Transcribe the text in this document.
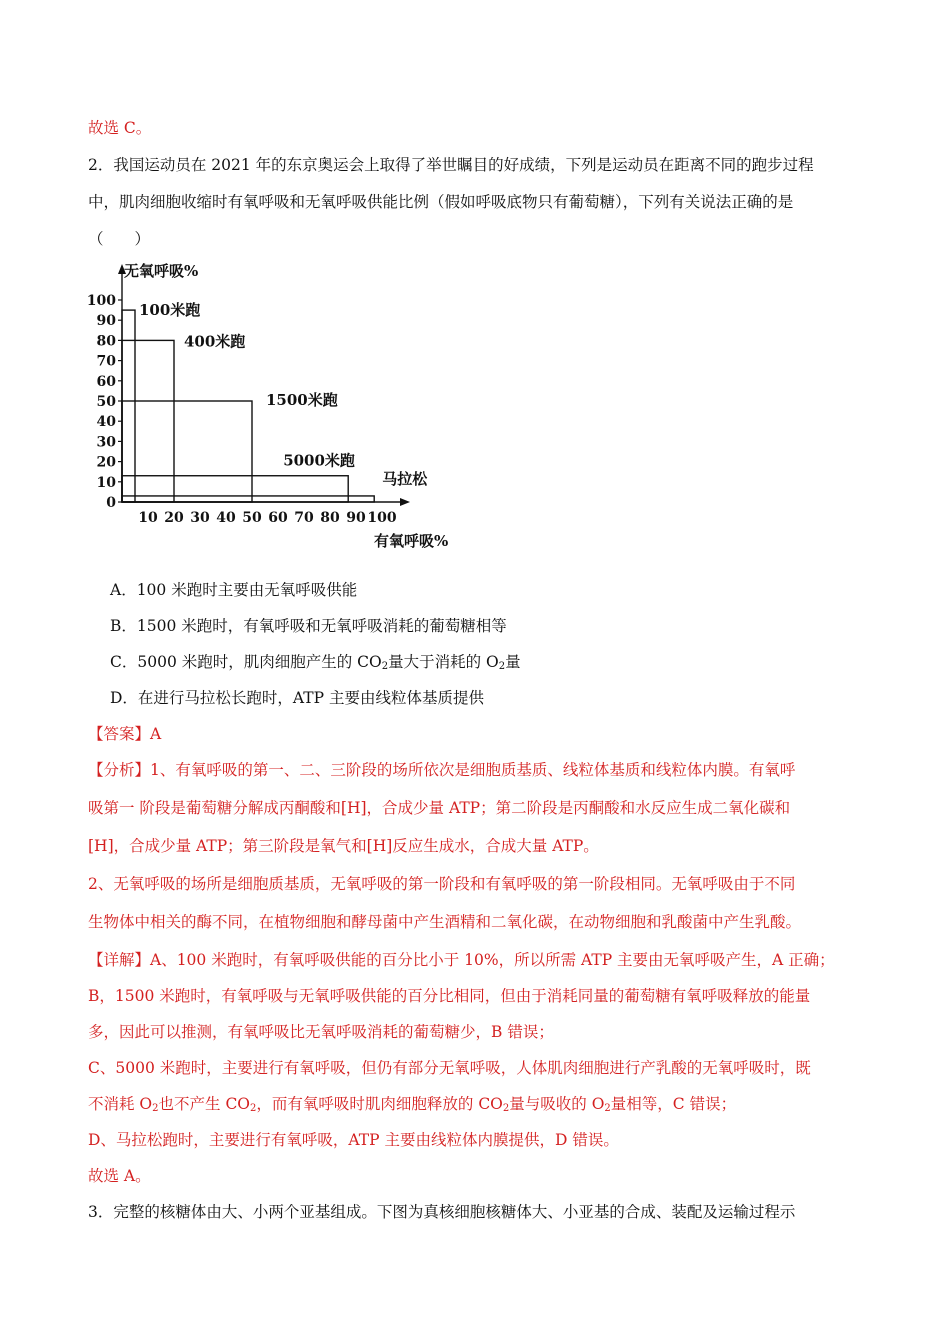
故选 C。
2．我国运动员在 2021 年的东京奥运会上取得了举世瞩目的好成绩，下列是运动员在距离不同的跑步过程
中，肌肉细胞收缩时有氧呼吸和无氧呼吸供能比例（假如呼吸底物只有葡萄糖），下列有关说法正确的是
（　　）
无氧呼吸%
有氧呼吸%
100
90
80
70
60
50
40
30
20
10
0
10 20 30 40 50 60 70 80 90 100
100米跑
400米跑
1500米跑
5000米跑
马拉松
A．100 米跑时主要由无氧呼吸供能
B．1500 米跑时，有氧呼吸和无氧呼吸消耗的葡萄糖相等
C．5000 米跑时，肌肉细胞产生的 $CO_2$量大于消耗的 $O_2$量
D．在进行马拉松长跑时，ATP 主要由线粒体基质提供
【答案】A
【分析】1、有氧呼吸的第一、二、三阶段的场所依次是细胞质基质、线粒体基质和线粒体内膜。有氧呼
吸第一 阶段是葡萄糖分解成丙酮酸和[H]，合成少量 ATP；第二阶段是丙酮酸和水反应生成二氧化碳和
[H]，合成少量 ATP；第三阶段是氧气和[H]反应生成水，合成大量 ATP。
2、无氧呼吸的场所是细胞质基质，无氧呼吸的第一阶段和有氧呼吸的第一阶段相同。无氧呼吸由于不同
生物体中相关的酶不同，在植物细胞和酵母菌中产生酒精和二氧化碳，在动物细胞和乳酸菌中产生乳酸。
【详解】A、100 米跑时，有氧呼吸供能的百分比小于 10%，所以所需 ATP 主要由无氧呼吸产生，A 正确；
B，1500 米跑时，有氧呼吸与无氧呼吸供能的百分比相同，但由于消耗同量的葡萄糖有氧呼吸释放的能量
多，因此可以推测，有氧呼吸比无氧呼吸消耗的葡萄糖少，B 错误；
C、5000 米跑时，主要进行有氧呼吸，但仍有部分无氧呼吸，人体肌肉细胞进行产乳酸的无氧呼吸时，既
不消耗 $O_2$也不产生 $CO_2$，而有氧呼吸时肌肉细胞释放的 $CO_2$量与吸收的 $O_2$量相等，C 错误；
D、马拉松跑时，主要进行有氧呼吸，ATP 主要由线粒体内膜提供，D 错误。
故选 A。
3．完整的核糖体由大、小两个亚基组成。下图为真核细胞核糖体大、小亚基的合成、装配及运输过程示
